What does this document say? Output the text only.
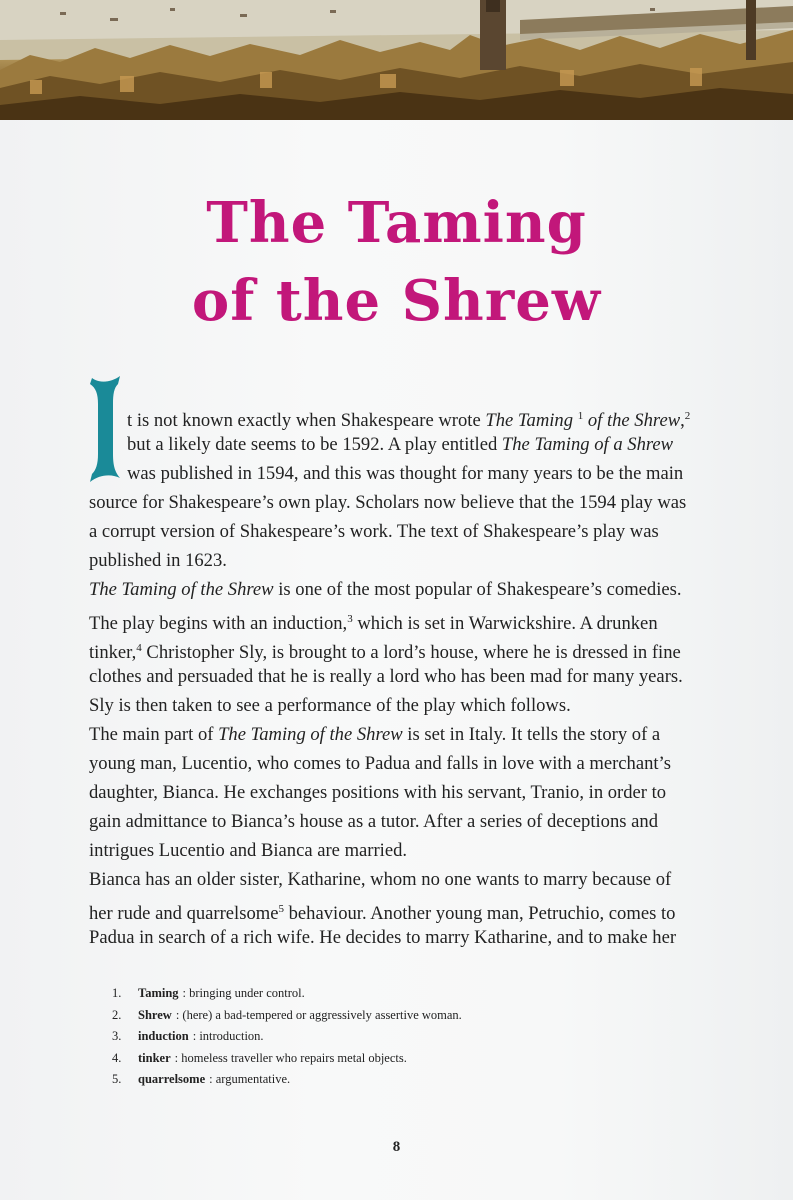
The Taming
of the Shrew

t is not known exactly when Shakespeare wrote The Taming $^1$ of the Shrew,$^2$

but a likely date seems to be 1592. A play entitled The Taming of a Shrew

was published in 1594, and this was thought for many years to be the main

source for Shakespeare’s own play. Scholars now believe that the 1594 play was

a corrupt version of Shakespeare’s work. The text of Shakespeare’s play was

published in 1623.

The Taming of the Shrew is one of the most popular of Shakespeare’s comedies.

The play begins with an induction,$^3$ which is set in Warwickshire. A drunken

tinker,$^4$ Christopher Sly, is brought to a lord’s house, where he is dressed in fine

clothes and persuaded that he is really a lord who has been mad for many years.

Sly is then taken to see a performance of the play which follows.

The main part of The Taming of the Shrew is set in Italy. It tells the story of a

young man, Lucentio, who comes to Padua and falls in love with a merchant’s

daughter, Bianca. He exchanges positions with his servant, Tranio, in order to

gain admittance to Bianca’s house as a tutor. After a series of deceptions and

intrigues Lucentio and Bianca are married.

Bianca has an older sister, Katharine, whom no one wants to marry because of

her rude and quarrelsome$^5$ behaviour. Another young man, Petruchio, comes to

Padua in search of a rich wife. He decides to marry Katharine, and to make her

1.	Taming : bringing under control.
2.	Shrew : (here) a bad-tempered or aggressively assertive woman.
3.	induction : introduction.
4.	tinker : homeless traveller who repairs metal objects.
5.	quarrelsome : argumentative.
8
